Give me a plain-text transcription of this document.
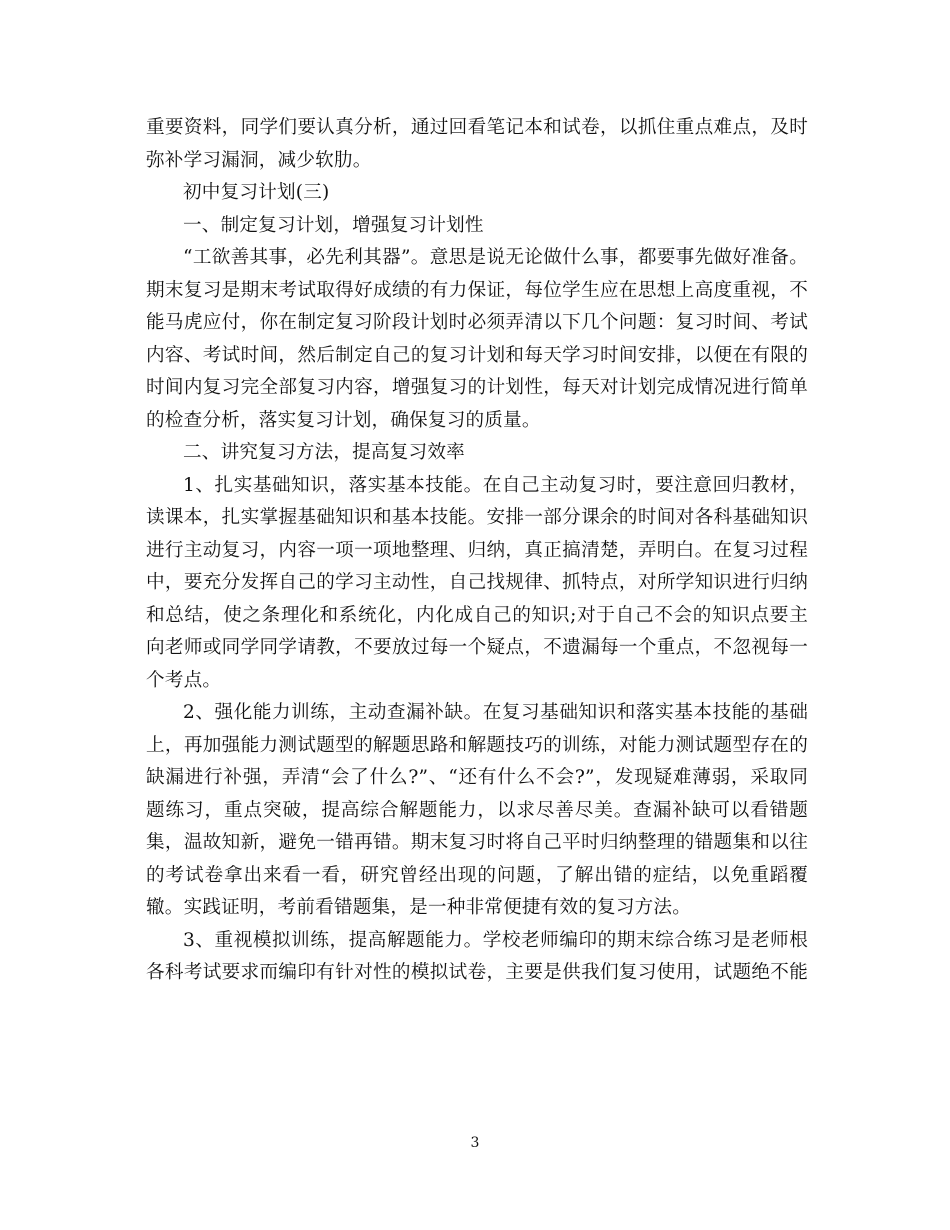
重要资料，同学们要认真分析，通过回看笔记本和试卷，以抓住重点难点，及时
弥补学习漏洞，减少软肋。
初中复习计划(三)
一、制定复习计划，增强复习计划性
“工欲善其事，必先利其器”。意思是说无论做什么事，都要事先做好准备。
期末复习是期末考试取得好成绩的有力保证，每位学生应在思想上高度重视，不
能马虎应付，你在制定复习阶段计划时必须弄清以下几个问题：复习时间、考试
内容、考试时间，然后制定自己的复习计划和每天学习时间安排，以便在有限的
时间内复习完全部复习内容，增强复习的计划性，每天对计划完成情况进行简单
的检查分析，落实复习计划，确保复习的质量。
二、讲究复习方法，提高复习效率
1、扎实基础知识，落实基本技能。在自己主动复习时，要注意回归教材，
读课本，扎实掌握基础知识和基本技能。安排一部分课余的时间对各科基础知识
进行主动复习，内容一项一项地整理、归纳，真正搞清楚，弄明白。在复习过程
中，要充分发挥自己的学习主动性，自己找规律、抓特点，对所学知识进行归纳
和总结，使之条理化和系统化，内化成自己的知识;对于自己不会的知识点要主
向老师或同学同学请教，不要放过每一个疑点，不遗漏每一个重点，不忽视每一
个考点。
2、强化能力训练，主动查漏补缺。在复习基础知识和落实基本技能的基础
上，再加强能力测试题型的解题思路和解题技巧的训练，对能力测试题型存在的
缺漏进行补强，弄清“会了什么?”、“还有什么不会?”，发现疑难薄弱，采取同
题练习，重点突破，提高综合解题能力，以求尽善尽美。查漏补缺可以看错题
集，温故知新，避免一错再错。期末复习时将自己平时归纳整理的错题集和以往
的考试卷拿出来看一看，研究曾经出现的问题，了解出错的症结，以免重蹈覆
辙。实践证明，考前看错题集，是一种非常便捷有效的复习方法。
3、重视模拟训练，提高解题能力。学校老师编印的期末综合练习是老师根
各科考试要求而编印有针对性的模拟试卷，主要是供我们复习使用，试题绝不能
3
